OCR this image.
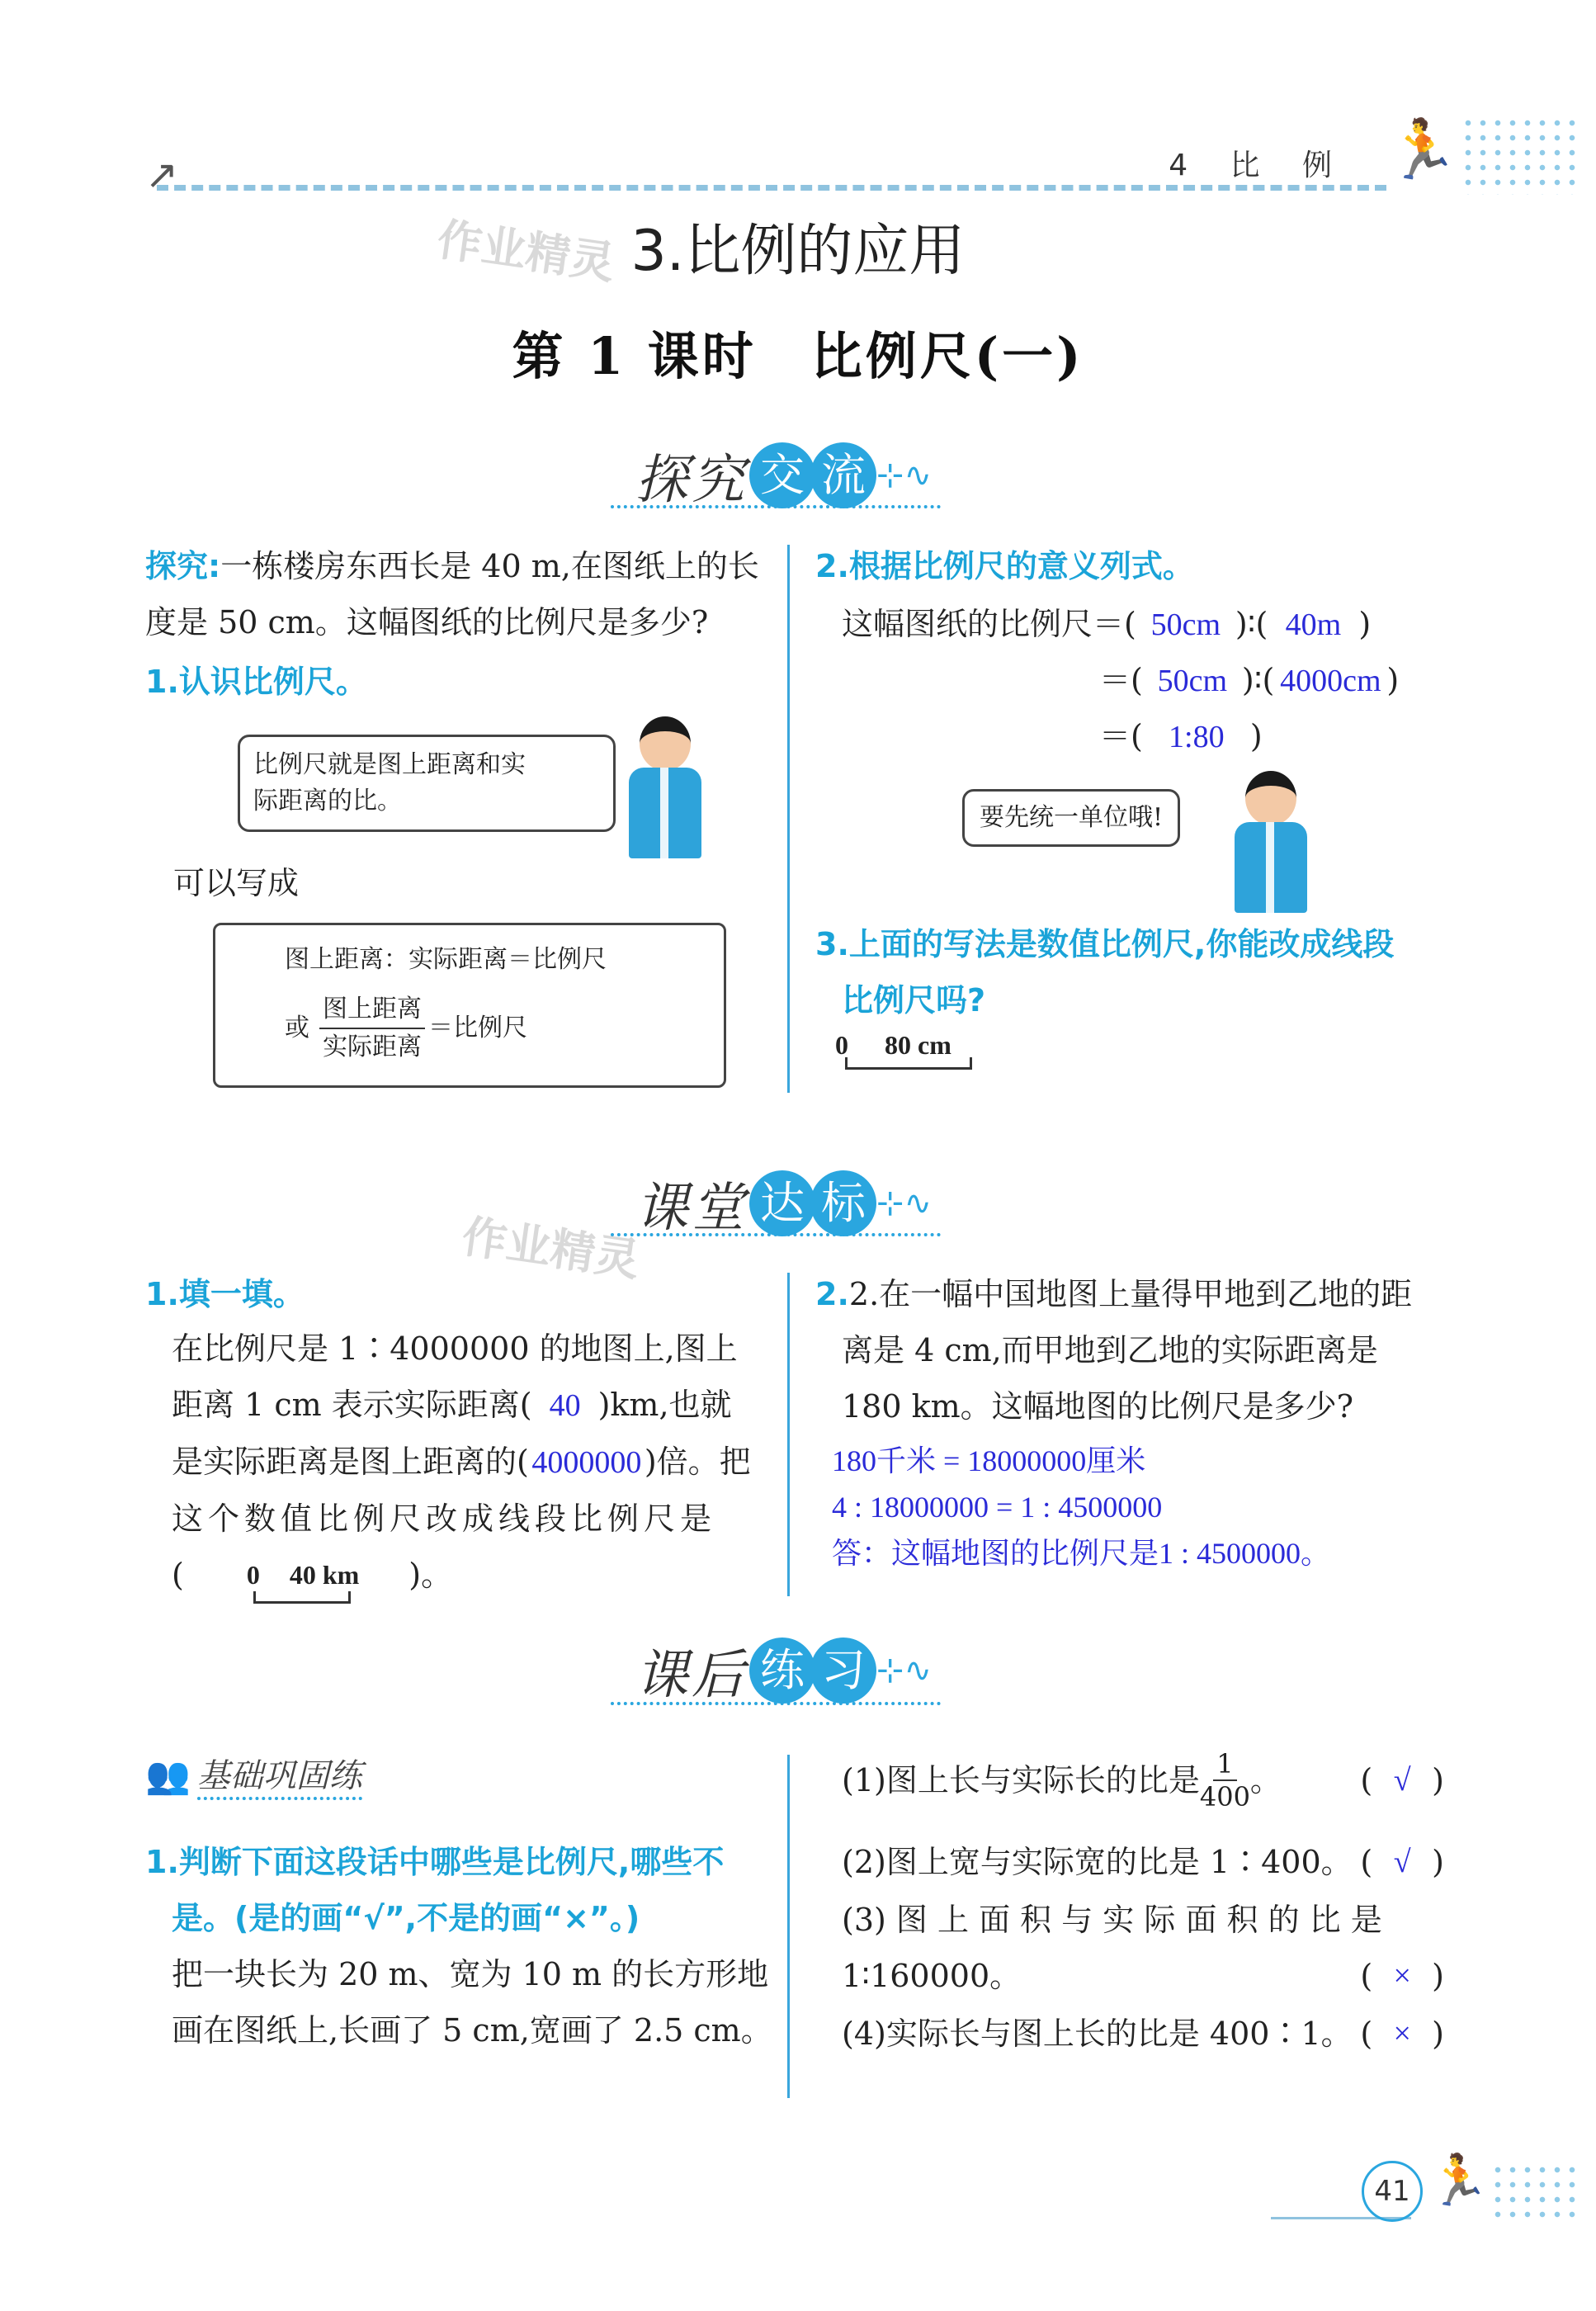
↗	4 比 例 🏃
作业精灵 3.比例的应用
第 1 课时　比例尺(一)
探究 交 流 ⊹∿
探究:一栋楼房东西长是 40 m,在图纸上的长
度是 50 cm。这幅图纸的比例尺是多少?
1.认识比例尺。
比例尺就是图上距离和实
际距离的比。
可以写成
图上距离：实际距离＝比例尺
或 $\frac{\text{图上距离}}{\text{实际距离}}$ ＝比例尺
2.根据比例尺的意义列式。
这幅图纸的比例尺＝( 50cm )∶( 40m )
＝( 50cm )∶( 4000cm )
＝( 1:80 )
要先统一单位哦!
3.上面的写法是数值比例尺,你能改成线段
比例尺吗?
0 80 cm
课堂 达 标 ⊹∿
作业精灵
1.填一填。
在比例尺是 1∶4000000 的地图上,图上
距离 1 cm 表示实际距离( 40 )km,也就
是实际距离是图上距离的(4000000)倍。把
这个数值比例尺改成线段比例尺是
( 0 40 km )。
2.2.在一幅中国地图上量得甲地到乙地的距
离是 4 cm,而甲地到乙地的实际距离是
180 km。这幅地图的比例尺是多少?
180千米 = 18000000厘米
4 : 18000000 = 1 : 4500000
答：这幅地图的比例尺是1 : 4500000。
课后 练 习 ⊹∿
👥 基础巩固练
1.判断下面这段话中哪些是比例尺,哪些不
是。(是的画“√”,不是的画“×”。)
把一块长为 20 m、宽为 10 m 的长方形地
画在图纸上,长画了 5 cm,宽画了 2.5 cm。
(1)图上长与实际长的比是 $\frac{1}{400}$ 。	( √ )
(2)图上宽与实际宽的比是 1∶400。 ( √ )
(3) 图 上 面 积 与 实 际 面 积 的 比 是
1∶160000。	( × )
(4)实际长与图上长的比是 400∶1。 ( × )
41 🏃
